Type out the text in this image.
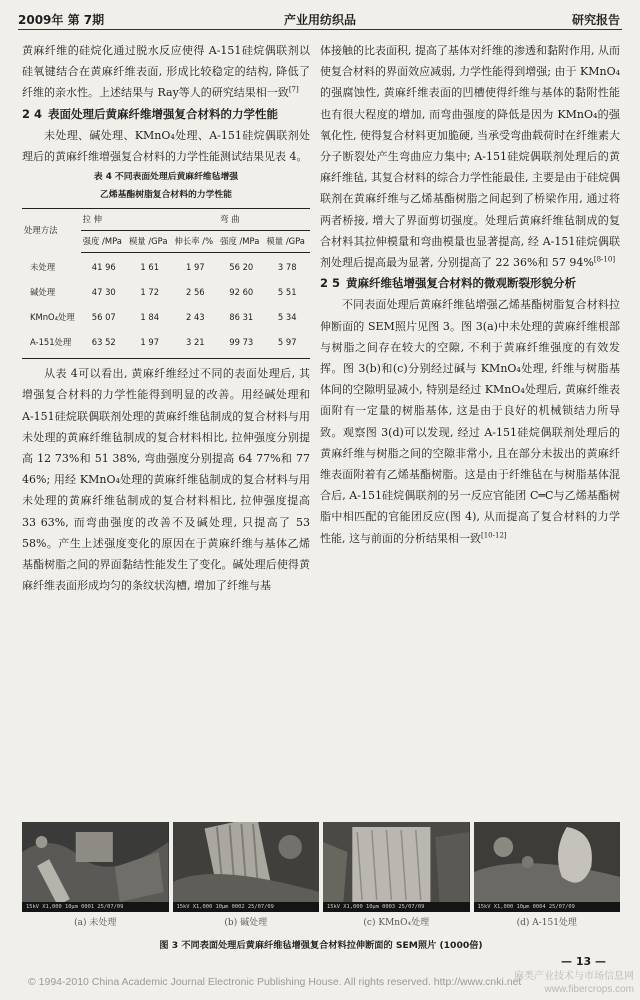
2009年 第 7期	产业用纺织品	研究报告

黄麻纤维的硅烷化通过脱水反应使得 A-151硅烷偶联剂以硅氧键结合在黄麻纤维表面, 形成比较稳定的结构, 降低了纤维的亲水性。上述结果与 Ray等人的研究结果相一致[7]

2 4 表面处理后黄麻纤维增强复合材料的力学性能

未处理、碱处理、KMnO₄处理、A-151硅烷偶联剂处理后的黄麻纤维增强复合材料的力学性能测试结果见表 4。

表 4 不同表面处理后黄麻纤维毡增强
乙烯基酯树脂复合材料的力学性能
处理方法	拉 伸			弯 曲	
	强度 /MPa	模量 /GPa	伸长率 /%	强度 /MPa	模量 /GPa
未处理	41 96	1 61	1 97	56 20	3 78
碱处理	47 30	1 72	2 56	92 60	5 51
KMnO₄处理	56 07	1 84	2 43	86 31	5 34
A-151处理	63 52	1 97	3 21	99 73	5 97

从表 4可以看出, 黄麻纤维经过不同的表面处理后, 其增强复合材料的力学性能得到明显的改善。用经碱处理和 A-151硅烷联偶联剂处理的黄麻纤维毡制成的复合材料与用未处理的黄麻纤维毡制成的复合材料相比, 拉伸强度分别提高 12 73%和 51 38%, 弯曲强度分别提高 64 77%和 77 46%; 用经 KMnO₄处理的黄麻纤维毡制成的复合材料与用未处理的黄麻纤维毡制成的复合材料相比, 拉伸强度提高 33 63%, 而弯曲强度的改善不及碱处理, 只提高了 53 58%。产生上述强度变化的原因在于黄麻纤维与基体乙烯基酯树脂之间的界面黏结性能发生了变化。碱处理后使得黄麻纤维表面形成均匀的条纹状沟槽, 增加了纤维与基

体接触的比表面积, 提高了基体对纤维的渗透和黏附作用, 从而使复合材料的界面效应减弱, 力学性能得到增强; 由于 KMnO₄的强腐蚀性, 黄麻纤维表面的凹槽使得纤维与基体的黏附性能也有很大程度的增加, 而弯曲强度的降低是因为 KMnO₄的强氧化性, 使得复合材料更加脆硬, 当承受弯曲载荷时在纤维素大分子断裂处产生弯曲应力集中; A-151硅烷偶联剂处理后的黄麻纤维毡, 其复合材料的综合力学性能最佳, 主要是由于硅烷偶联剂在黄麻纤维与乙烯基酯树脂之间起到了桥梁作用, 通过将两者桥接, 增大了界面剪切强度。处理后黄麻纤维毡制成的复合材料其拉伸模量和弯曲模量也显著提高, 经 A-151硅烷偶联剂处理后提高最为显著, 分别提高了 22 36%和 57 94%[8-10]

2 5 黄麻纤维毡增强复合材料的微观断裂形貌分析

不同表面处理后黄麻纤维毡增强乙烯基酯树脂复合材料拉伸断面的 SEM照片见图 3。图 3(a)中未处理的黄麻纤维根部与树脂之间存在较大的空隙, 不利于黄麻纤维强度的有效发挥。图 3(b)和(c)分别经过碱与 KMnO₄处理, 纤维与树脂基体间的空隙明显减小, 特别是经过 KMnO₄处理后, 黄麻纤维表面附有一定量的树脂基体, 这是由于良好的机械锁结力所导致。观察图 3(d)可以发现, 经过 A-151硅烷偶联剂处理后的黄麻纤维与树脂之间的空隙非常小, 且在部分未拔出的黄麻纤维表面附着有乙烯基酯树脂。这是由于纤维毡在与树脂基体混合后, A-151硅烷偶联剂的另一反应官能团 C═C与乙烯基酯树脂中相匹配的官能团反应(图 4), 从而提高了复合材料的力学性能, 这与前面的分析结果相一致[10-12]

15kV X1,000 10μm 0001 25/07/09	15kV X1,000 10μm 0002 25/07/09	15kV X1,000 10μm 0003 25/07/09	15kV X1,000 10μm 0004 25/07/09
(a) 未处理	(b) 碱处理	(c) KMnO₄处理	(d) A-151处理
图 3 不同表面处理后黄麻纤维毡增强复合材料拉伸断面的 SEM照片 (1000倍)
— 13 —
© 1994-2010 China Academic Journal Electronic Publishing House. All rights reserved. http://www.cnki.net
麻类产业技术与市场信息网
www.fibercrops.com
